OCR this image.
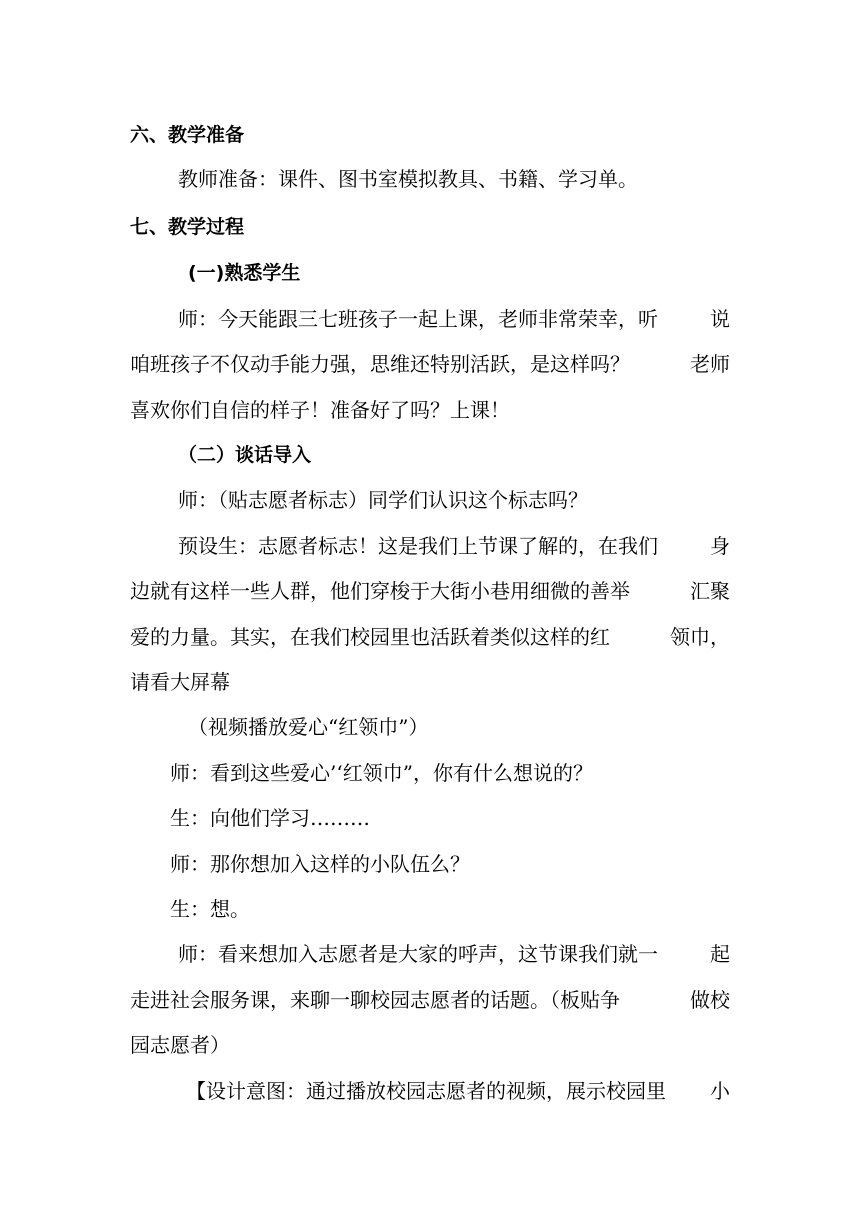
六、教学准备
教师准备：课件、图书室模拟教具、书籍、学习单。
七、教学过程
(一)熟悉学生
师：今天能跟三七班孩子一起上课，老师非常荣幸，听	说
咱班孩子不仅动手能力强，思维还特别活跃，是这样吗？	老师
喜欢你们自信的样子！准备好了吗？上课！
（二）谈话导入
师：（贴志愿者标志）同学们认识这个标志吗？
预设生：志愿者标志！这是我们上节课了解的，在我们	身
边就有这样一些人群，他们穿梭于大街小巷用细微的善举	汇聚
爱的力量。其实，在我们校园里也活跃着类似这样的红	领巾，
请看大屏幕
（视频播放爱心“红领巾”）
师：看到这些爱心’‘红领巾”，你有什么想说的？
生：向他们学习………
师：那你想加入这样的小队伍么？
生：想。
师：看来想加入志愿者是大家的呼声，这节课我们就一	起
走进社会服务课，来聊一聊校园志愿者的话题。（板贴争	做校
园志愿者）
【设计意图：通过播放校园志愿者的视频，展示校园里 小
